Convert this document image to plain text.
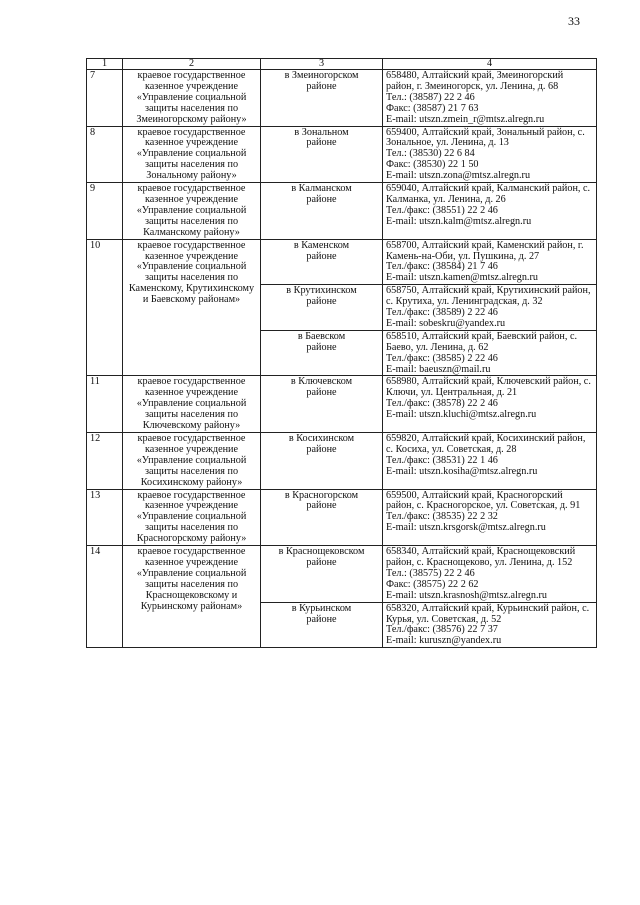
33
1	2	3	4
7	краевое государственное казенное учреждение «Управление социальной защиты населения по Змеиногорскому району»	в Змеиногорском
районе	658480, Алтайский край, Змеиногорский район, г. Змеиногорск, ул. Ленина, д. 68
Тел.: (38587) 22 2 46
Факс: (38587) 21 7 63
E-mail: utszn.zmein_r@mtsz.alregn.ru
8	краевое государственное казенное учреждение «Управление социальной защиты населения по Зональному району»	в Зональном
районе	659400, Алтайский край, Зональный район, с. Зональное, ул. Ленина, д. 13
Тел.: (38530) 22 6 84
Факс: (38530) 22 1 50
E-mail: utszn.zona@mtsz.alregn.ru
9	краевое государственное казенное учреждение «Управление социальной защиты населения по Калманскому району»	в Калманском
районе	659040, Алтайский край, Калманский район, с. Калманка, ул. Ленина, д. 26
Тел./факс: (38551) 22 2 46
E-mail: utszn.kalm@mtsz.alregn.ru
10	краевое государственное казенное учреждение «Управление социальной защиты населения по Каменскому, Крутихинскому и Баевскому районам»	в Каменском
районе	658700, Алтайский край, Каменский район, г. Камень-на-Оби, ул. Пушкина, д. 27
Тел./факс: (38584) 21 7 46
E-mail: utszn.kamen@mtsz.alregn.ru
		в Крутихинском
районе	658750, Алтайский край, Крутихинский район, с. Крутиха, ул. Ленинградская, д. 32
Тел./факс: (38589) 2 22 46
E-mail: sobeskru@yandex.ru
		в Баевском
районе	658510, Алтайский край, Баевский район, с. Баево, ул. Ленина, д. 62
Тел./факс: (38585) 2 22 46
E-mail: baeuszn@mail.ru
11	краевое государственное казенное учреждение «Управление социальной защиты населения по Ключевскому району»	в Ключевском
районе	658980, Алтайский край, Ключевский район, с. Ключи, ул. Центральная, д. 21
Тел./факс: (38578) 22 2 46
E-mail: utszn.kluchi@mtsz.alregn.ru
12	краевое государственное казенное учреждение «Управление социальной защиты населения по Косихинскому району»	в Косихинском
районе	659820, Алтайский край, Косихинский район, с. Косиха, ул. Советская, д. 28
Тел./факс: (38531) 22 1 46
E-mail: utszn.kosiha@mtsz.alregn.ru
13	краевое государственное казенное учреждение «Управление социальной защиты населения по Красногорскому району»	в Красногорском
районе	659500, Алтайский край, Красногорский район, с. Красногорское, ул. Советская, д. 91
Тел./факс: (38535) 22 2 32
E-mail: utszn.krsgorsk@mtsz.alregn.ru
14	краевое государственное казенное учреждение «Управление социальной защиты населения по Краснощековскому и Курьинскому районам»	в Краснощековском
районе	658340, Алтайский край, Краснощековский район, с. Краснощеково, ул. Ленина, д. 152
Тел.: (38575) 22 2 46
Факс: (38575) 22 2 62
E-mail: utszn.krasnosh@mtsz.alregn.ru
		в Курьинском
районе	658320, Алтайский край, Курьинский район, с. Курья, ул. Советская, д. 52
Тел./факс: (38576) 22 7 37
E-mail: kuruszn@yandex.ru
